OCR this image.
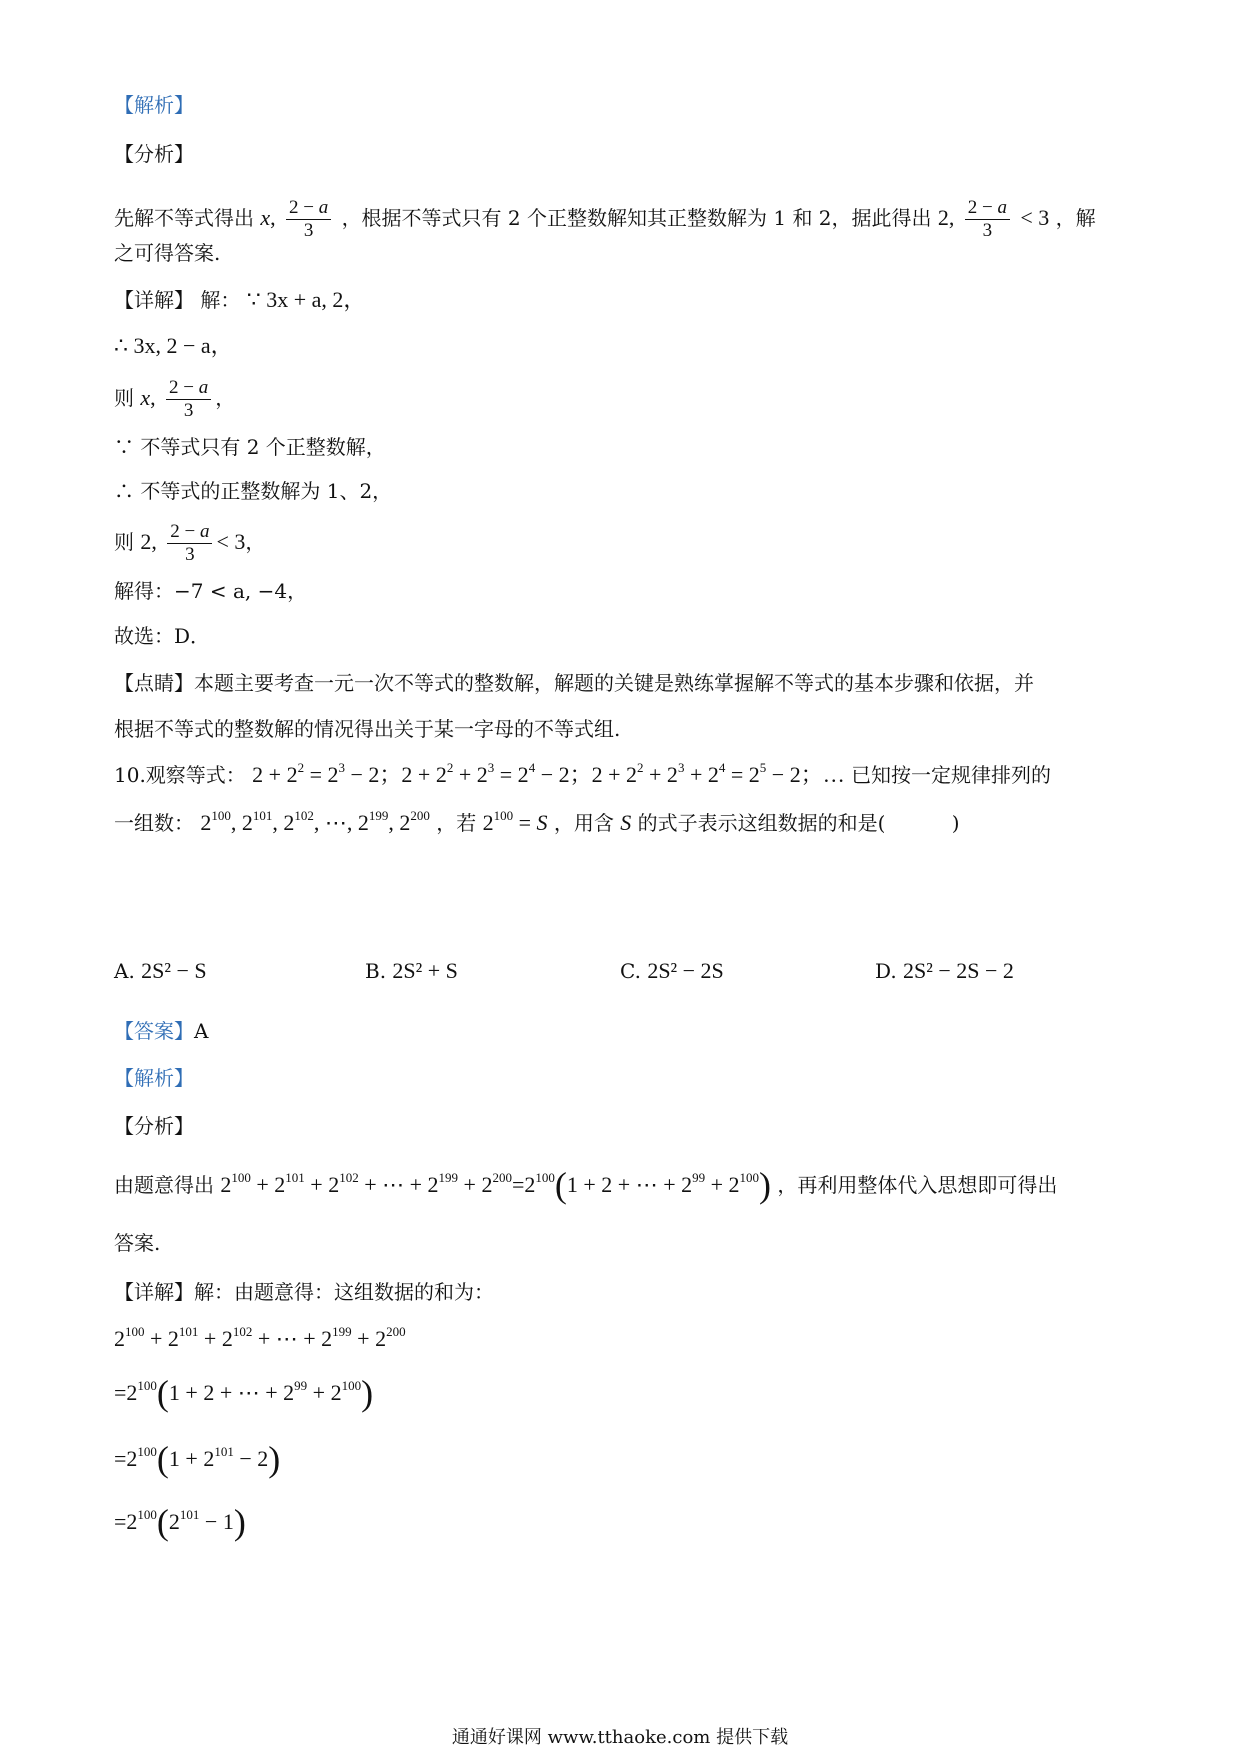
【解析】
【分析】
先解不等式得出 x, $\frac{2 - a}{3}$ ，根据不等式只有 2 个正整数解知其正整数解为 1 和 2，据此得出 2, $\frac{2 - a}{3} < 3$ ，解
之可得答案.
【详解】 解： ∵ 3x + a, 2，
∴ 3x, 2 − a，
则 x, $\frac{2 - a}{3}$ ，
∵ 不等式只有 2 个正整数解，
∴ 不等式的正整数解为 1、2，
则 2, $\frac{2 - a}{3} < 3$，
解得：−7 < a, −4，
故选：D．
【点睛】本题主要考查一元一次不等式的整数解，解题的关键是熟练掌握解不等式的基本步骤和依据，并
根据不等式的整数解的情况得出关于某一字母的不等式组.
10.观察等式： $2 + 2^2 = 2^3 - 2$；$2 + 2^2 + 2^3 = 2^4 - 2$；$2 + 2^2 + 2^3 + 2^4 = 2^5 - 2$；… 已知按一定规律排列的
一组数： $2^{100}$, $2^{101}$, $2^{102}$, ⋯, $2^{199}$, $2^{200}$ ，若 $2^{100} = S$ ，用含 S 的式子表示这组数据的和是(	)
A. 2S² − S	B. 2S² + S	C. 2S² − 2S	D. 2S² − 2S − 2
【答案】A
【解析】
【分析】
由题意得出 $2^{100} + 2^{101} + 2^{102}$ + ⋯ + $2^{199} + 2^{200}=2^{100}(1 + 2$ + ⋯ + $2^{99} + 2^{100}$) ，再利用整体代入思想即可得出
答案.
【详解】解：由题意得：这组数据的和为：
$2^{100} + 2^{101} + 2^{102}$ + ⋯ + $2^{199} + 2^{200}$
$=2^{100}(1 + 2$ + ⋯ + $2^{99} + 2^{100}$)
$=2^{100}(1 + 2^{101} - 2)$
$=2^{100}(2^{101} - 1)$
通通好课网 www.tthaoke.com 提供下载
